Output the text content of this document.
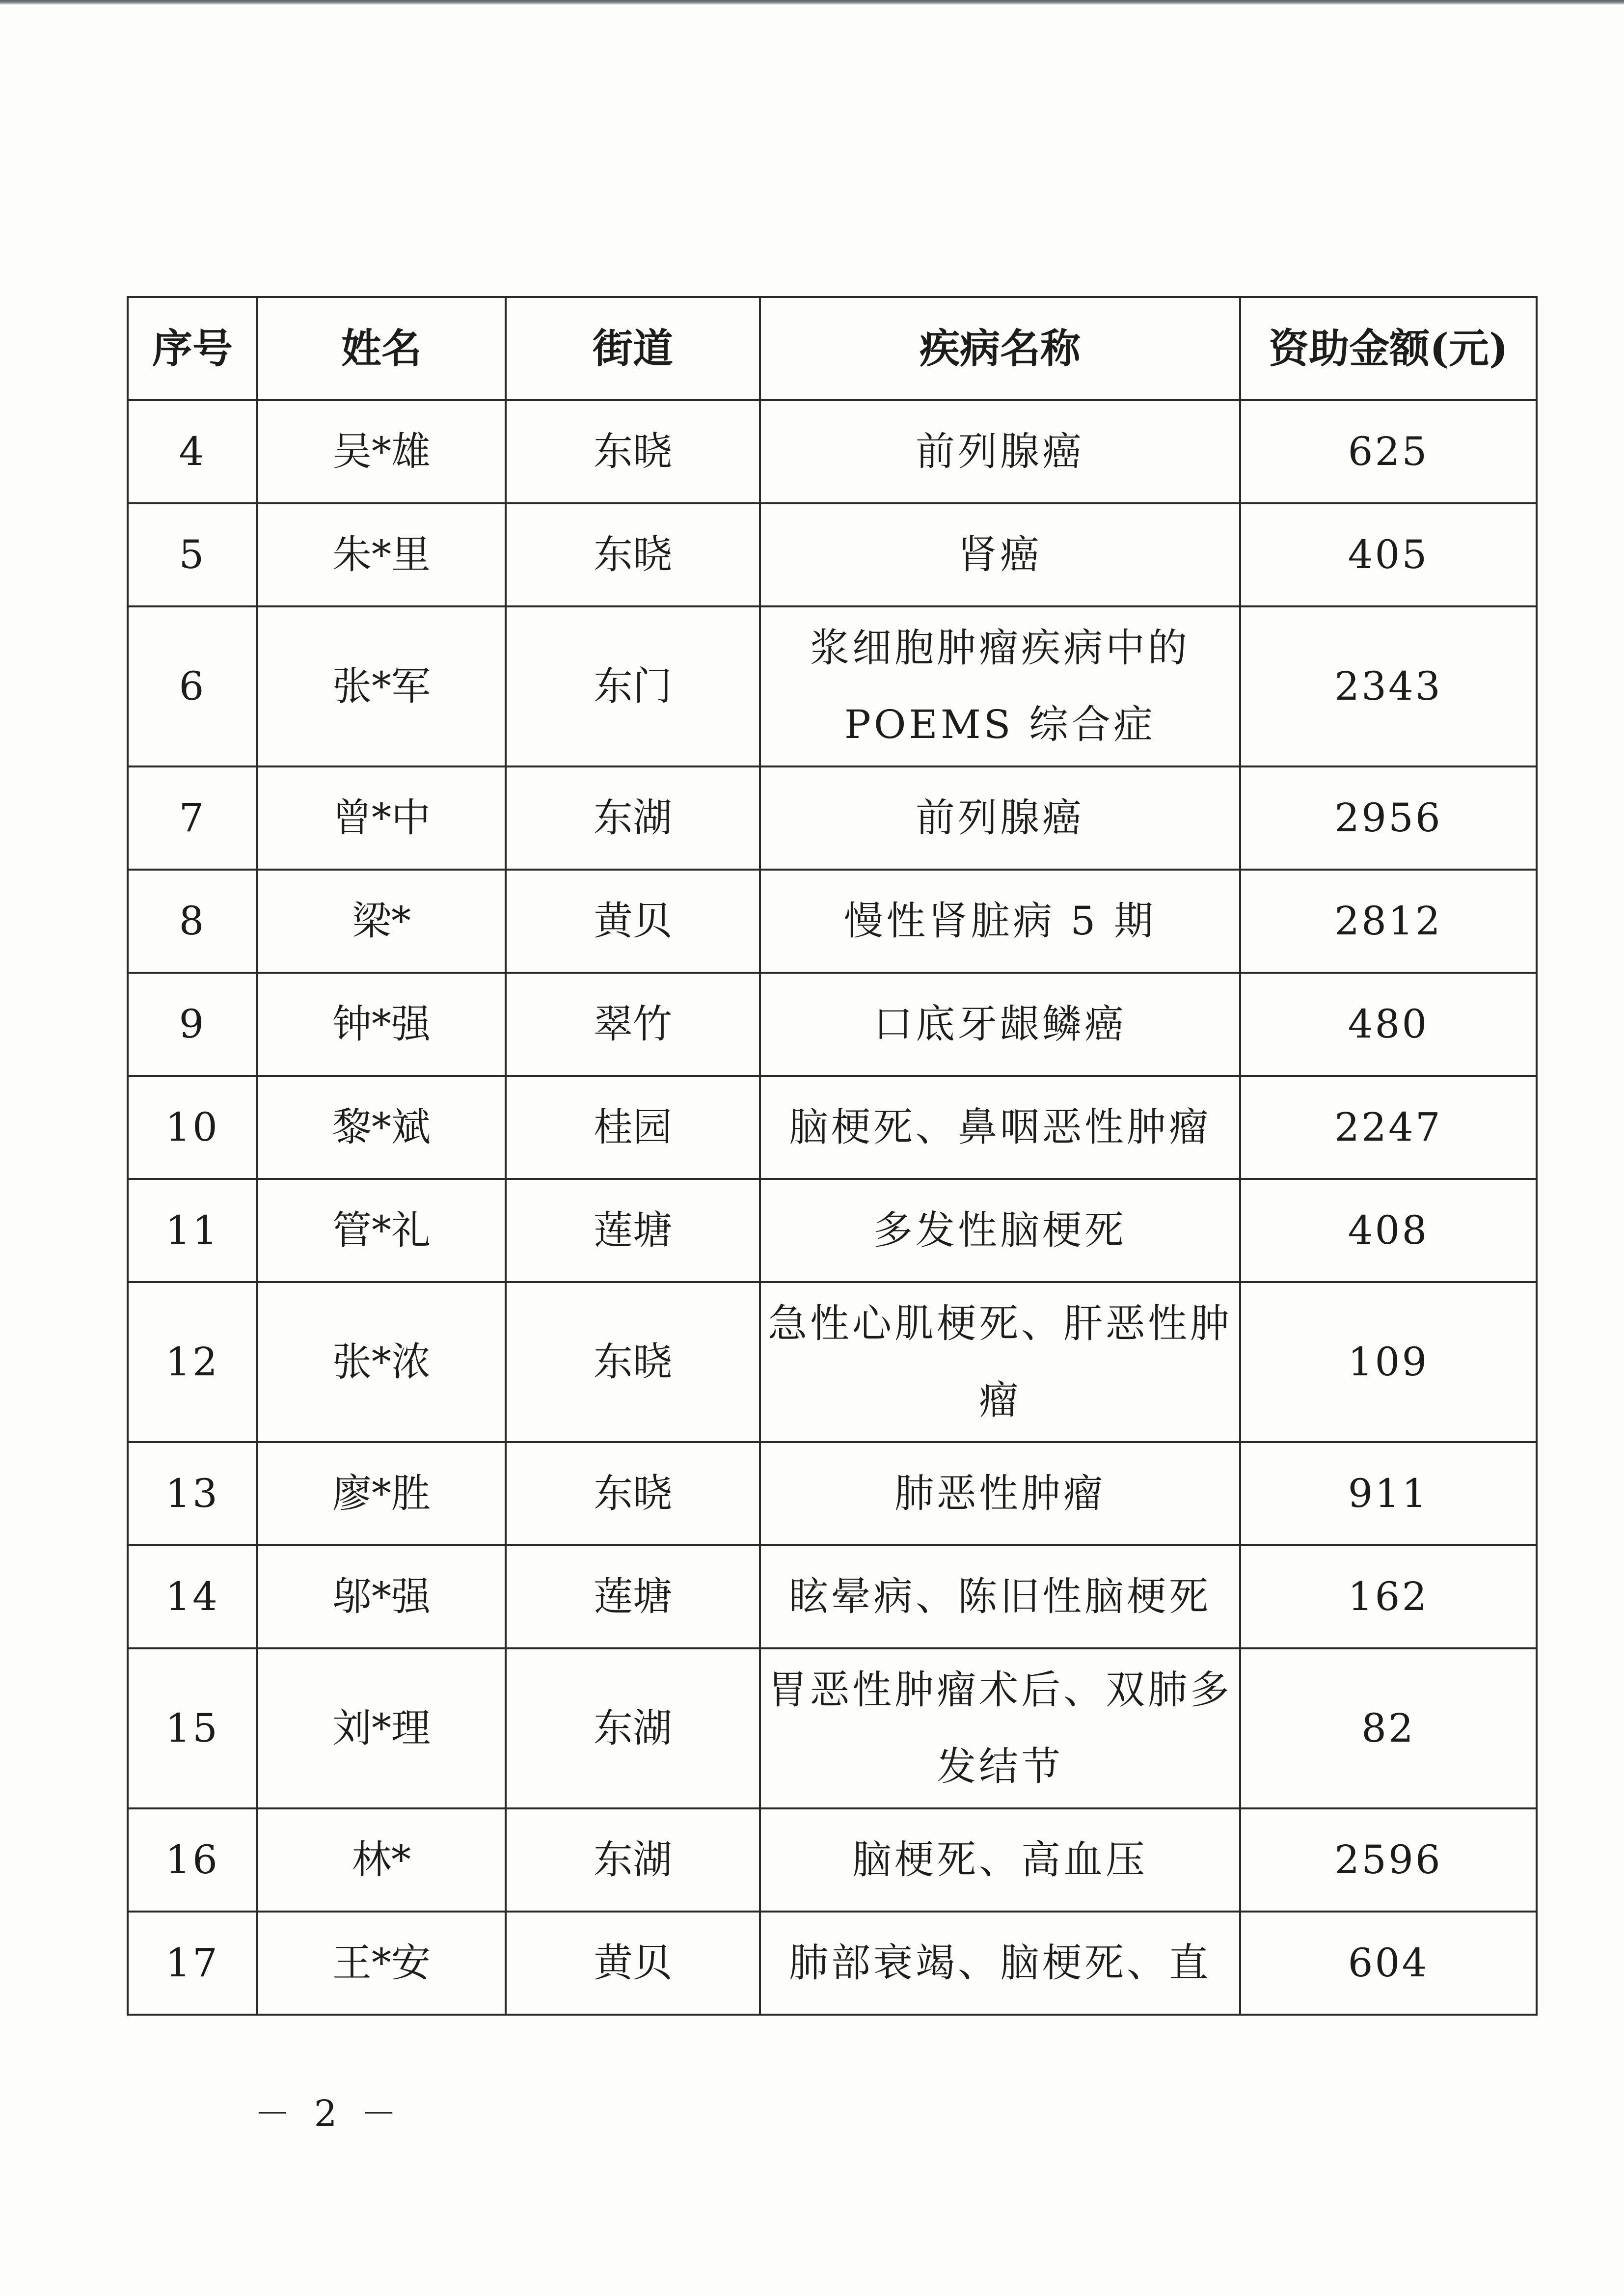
序号	姓名	街道	疾病名称	资助金额(元)
4	吴*雄	东晓	前列腺癌	625
5	朱*里	东晓	肾癌	405
6	张*军	东门	浆细胞肿瘤疾病中的POEMS 综合症	2343
7	曾*中	东湖	前列腺癌	2956
8	梁*	黄贝	慢性肾脏病 5 期	2812
9	钟*强	翠竹	口底牙龈鳞癌	480
10	黎*斌	桂园	脑梗死、鼻咽恶性肿瘤	2247
11	管*礼	莲塘	多发性脑梗死	408
12	张*浓	东晓	急性心肌梗死、肝恶性肿瘤	109
13	廖*胜	东晓	肺恶性肿瘤	911
14	邬*强	莲塘	眩晕病、陈旧性脑梗死	162
15	刘*理	东湖	胃恶性肿瘤术后、双肺多发结节	82
16	林*	东湖	脑梗死、高血压	2596
17	王*安	黄贝	肺部衰竭、脑梗死、直	604
－ 2 －
